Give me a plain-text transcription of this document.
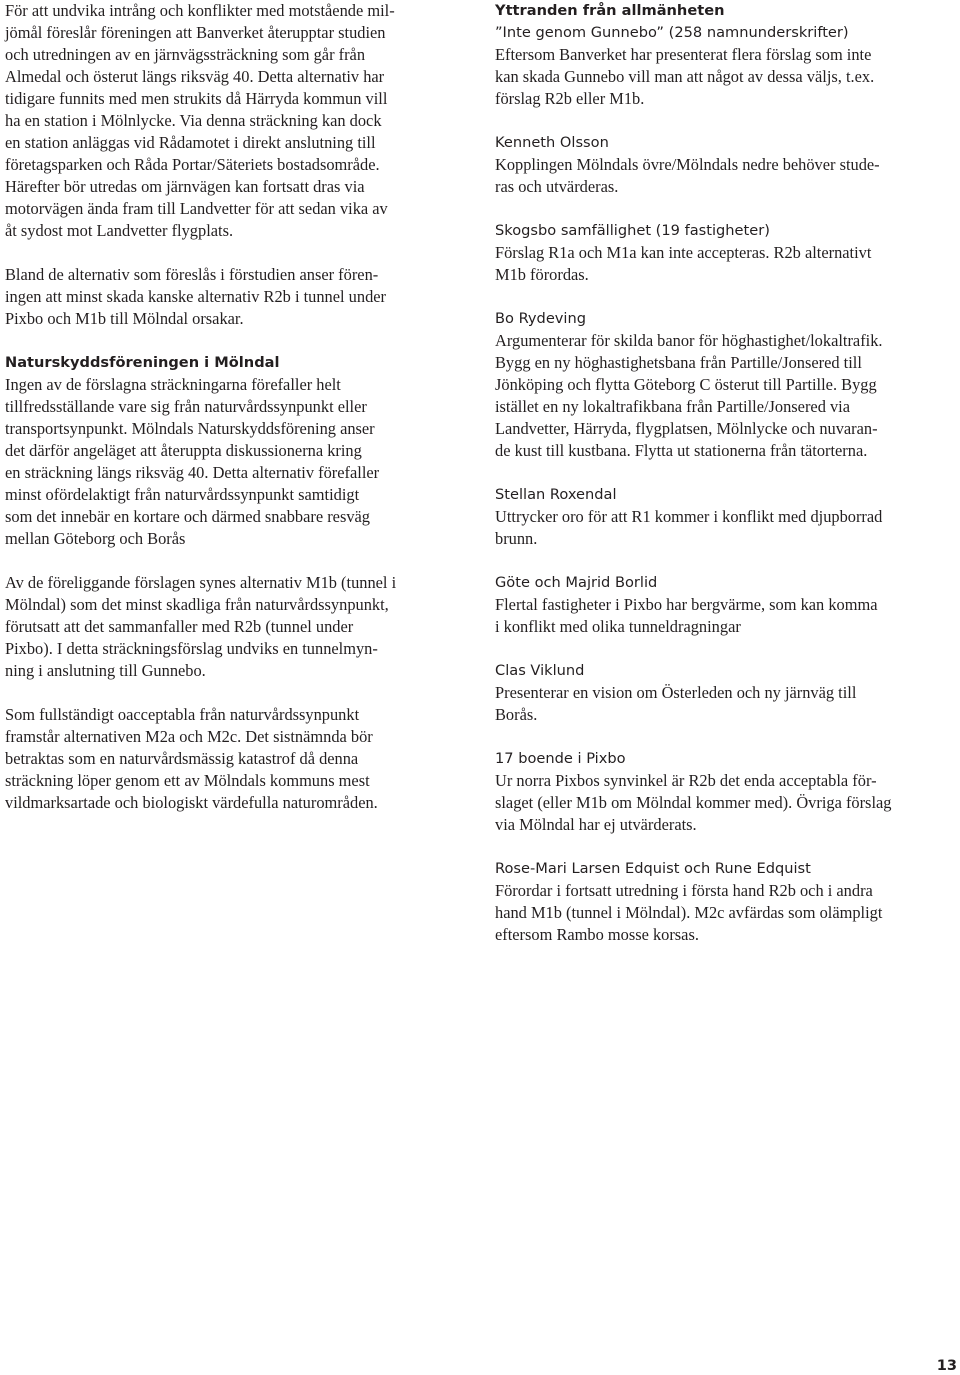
För att undvika intrång och konflikter med motstående mil-
jömål föreslår föreningen att Banverket återupptar studien
och utredningen av en järnvägssträckning som går från
Almedal och österut längs riksväg 40. Detta alternativ har
tidigare funnits med men strukits då Härryda kommun vill
ha en station i Mölnlycke. Via denna sträckning kan dock
en station anläggas vid Rådamotet i direkt anslutning till
företagsparken och Råda Portar/Säteriets bostadsområde.
Härefter bör utredas om järnvägen kan fortsatt dras via
motorvägen ända fram till Landvetter för att sedan vika av
åt sydost mot Landvetter flygplats.

Bland de alternativ som föreslås i förstudien anser fören-
ingen att minst skada kanske alternativ R2b i tunnel under
Pixbo och M1b till Mölndal orsakar.

Naturskyddsföreningen i Mölndal

Ingen av de förslagna sträckningarna förefaller helt
tillfredsställande vare sig från naturvårdssynpunkt eller
transportsynpunkt. Mölndals Naturskyddsförening anser
det därför angeläget att återuppta diskussionerna kring
en sträckning längs riksväg 40. Detta alternativ förefaller
minst ofördelaktigt från naturvårdssynpunkt samtidigt
som det innebär en kortare och därmed snabbare resväg
mellan Göteborg och Borås

Av de föreliggande förslagen synes alternativ M1b (tunnel i
Mölndal) som det minst skadliga från naturvårdssynpunkt,
förutsatt att det sammanfaller med R2b (tunnel under
Pixbo). I detta sträckningsförslag undviks en tunnelmyn-
ning i anslutning till Gunnebo.

Som fullständigt oacceptabla från naturvårdssynpunkt
framstår alternativen M2a och M2c. Det sistnämnda bör
betraktas som en naturvårdsmässig katastrof då denna
sträckning löper genom ett av Mölndals kommuns mest
vildmarksartade och biologiskt värdefulla naturområden.

Yttranden från allmänheten

”Inte genom Gunnebo” (258 namnunderskrifter)

Eftersom Banverket har presenterat flera förslag som inte
kan skada Gunnebo vill man att något av dessa väljs, t.ex.
förslag R2b eller M1b.

Kenneth Olsson

Kopplingen Mölndals övre/Mölndals nedre behöver stude-
ras och utvärderas.

Skogsbo samfällighet (19 fastigheter)

Förslag R1a och M1a kan inte accepteras. R2b alternativt
M1b förordas.

Bo Rydeving

Argumenterar för skilda banor för höghastighet/lokaltrafik.
Bygg en ny höghastighetsbana från Partille/Jonsered till
Jönköping och flytta Göteborg C österut till Partille. Bygg
istället en ny lokaltrafikbana från Partille/Jonsered via
Landvetter, Härryda, flygplatsen, Mölnlycke och nuvaran-
de kust till kustbana. Flytta ut stationerna från tätorterna.

Stellan Roxendal

Uttrycker oro för att R1 kommer i konflikt med djupborrad
brunn.

Göte och Majrid Borlid

Flertal fastigheter i Pixbo har bergvärme, som kan komma
i konflikt med olika tunneldragningar

Clas Viklund

Presenterar en vision om Österleden och ny järnväg till
Borås.

17 boende i Pixbo

Ur norra Pixbos synvinkel är R2b det enda acceptabla för-
slaget (eller M1b om Mölndal kommer med). Övriga förslag
via Mölndal har ej utvärderats.

Rose-Mari Larsen Edquist och Rune Edquist

Förordar i fortsatt utredning i första hand R2b och i andra
hand M1b (tunnel i Mölndal). M2c avfärdas som olämpligt
eftersom Rambo mosse korsas.

13
